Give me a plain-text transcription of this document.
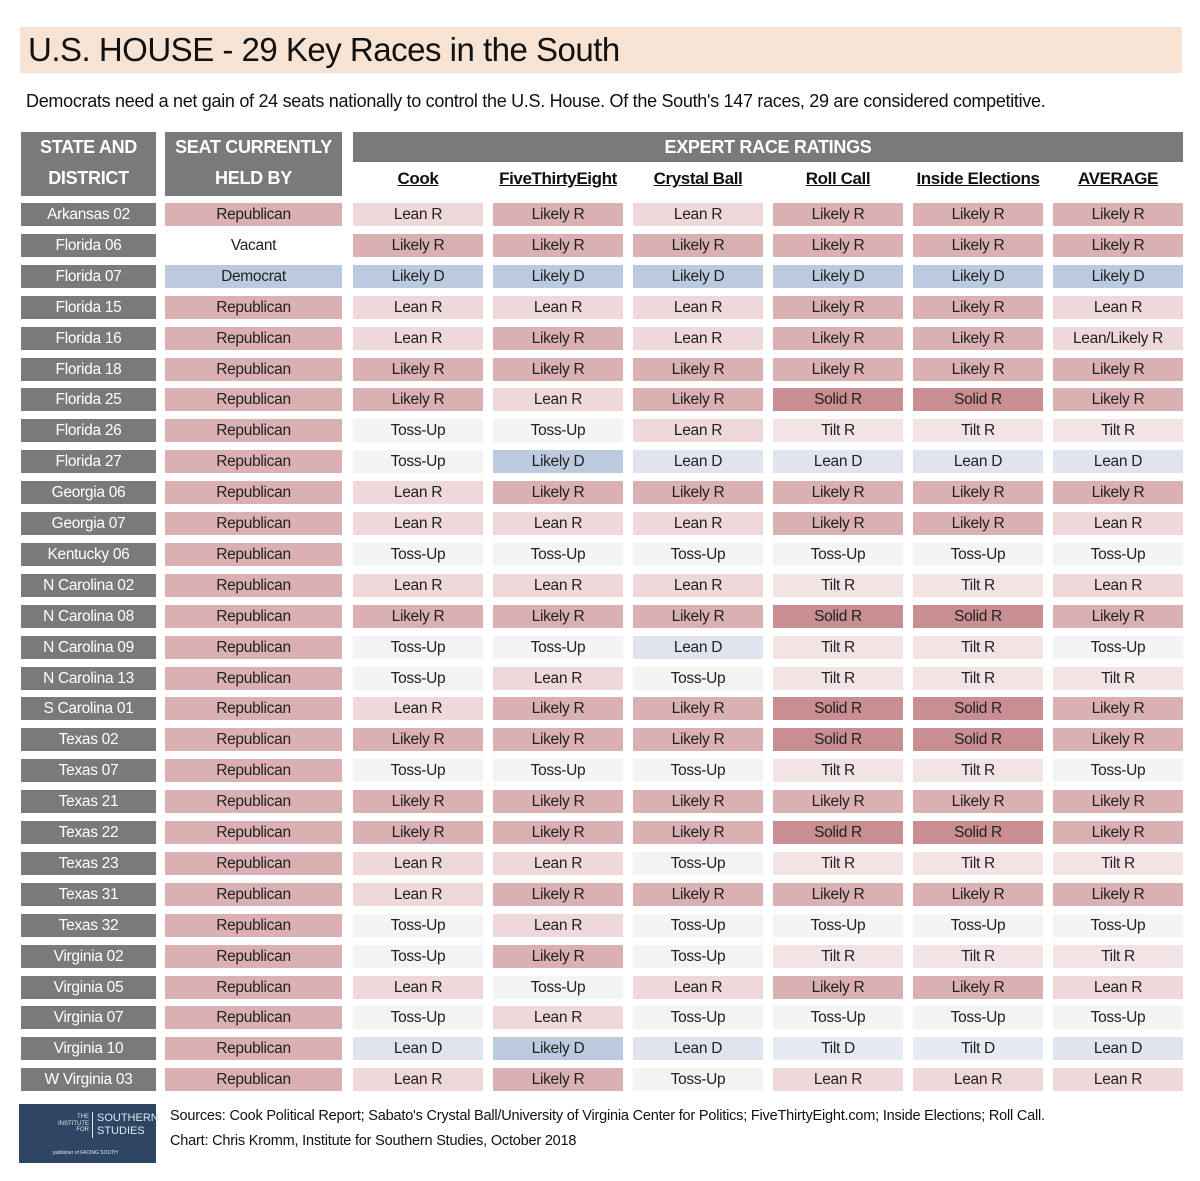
U.S. HOUSE - 29 Key Races in the South
Democrats need a net gain of 24 seats nationally to control the U.S. House. Of the South's 147 races, 29 are considered competitive.
STATE AND
DISTRICT
SEAT CURRENTLY
HELD BY
EXPERT RACE RATINGS
Cook	FiveThirtyEight	Crystal Ball	Roll Call	Inside Elections	AVERAGE
Arkansas 02	Republican	Lean R	Likely R	Lean R	Likely R	Likely R	Likely R
Florida 06	Vacant	Likely R	Likely R	Likely R	Likely R	Likely R	Likely R
Florida 07	Democrat	Likely D	Likely D	Likely D	Likely D	Likely D	Likely D
Florida 15	Republican	Lean R	Lean R	Lean R	Likely R	Likely R	Lean R
Florida 16	Republican	Lean R	Likely R	Lean R	Likely R	Likely R	Lean/Likely R
Florida 18	Republican	Likely R	Likely R	Likely R	Likely R	Likely R	Likely R
Florida 25	Republican	Likely R	Lean R	Likely R	Solid R	Solid R	Likely R
Florida 26	Republican	Toss-Up	Toss-Up	Lean R	Tilt R	Tilt R	Tilt R
Florida 27	Republican	Toss-Up	Likely D	Lean D	Lean D	Lean D	Lean D
Georgia 06	Republican	Lean R	Likely R	Likely R	Likely R	Likely R	Likely R
Georgia 07	Republican	Lean R	Lean R	Lean R	Likely R	Likely R	Lean R
Kentucky 06	Republican	Toss-Up	Toss-Up	Toss-Up	Toss-Up	Toss-Up	Toss-Up
N Carolina 02	Republican	Lean R	Lean R	Lean R	Tilt R	Tilt R	Lean R
N Carolina 08	Republican	Likely R	Likely R	Likely R	Solid R	Solid R	Likely R
N Carolina 09	Republican	Toss-Up	Toss-Up	Lean D	Tilt R	Tilt R	Toss-Up
N Carolina 13	Republican	Toss-Up	Lean R	Toss-Up	Tilt R	Tilt R	Tilt R
S Carolina 01	Republican	Lean R	Likely R	Likely R	Solid R	Solid R	Likely R
Texas 02	Republican	Likely R	Likely R	Likely R	Solid R	Solid R	Likely R
Texas 07	Republican	Toss-Up	Toss-Up	Toss-Up	Tilt R	Tilt R	Toss-Up
Texas 21	Republican	Likely R	Likely R	Likely R	Likely R	Likely R	Likely R
Texas 22	Republican	Likely R	Likely R	Likely R	Solid R	Solid R	Likely R
Texas 23	Republican	Lean R	Lean R	Toss-Up	Tilt R	Tilt R	Tilt R
Texas 31	Republican	Lean R	Likely R	Likely R	Likely R	Likely R	Likely R
Texas 32	Republican	Toss-Up	Lean R	Toss-Up	Toss-Up	Toss-Up	Toss-Up
Virginia 02	Republican	Toss-Up	Likely R	Toss-Up	Tilt R	Tilt R	Tilt R
Virginia 05	Republican	Lean R	Toss-Up	Lean R	Likely R	Likely R	Lean R
Virginia 07	Republican	Toss-Up	Lean R	Toss-Up	Toss-Up	Toss-Up	Toss-Up
Virginia 10	Republican	Lean D	Likely D	Lean D	Tilt D	Tilt D	Lean D
W Virginia 03	Republican	Lean R	Likely R	Toss-Up	Lean R	Lean R	Lean R
THE
INSTITUTE
FOR
SOUTHERN
STUDIES
publisher of FACING SOUTH
Sources: Cook Political Report; Sabato's Crystal Ball/University of Virginia Center for Politics; FiveThirtyEight.com; Inside Elections; Roll Call.
Chart: Chris Kromm, Institute for Southern Studies, October 2018
